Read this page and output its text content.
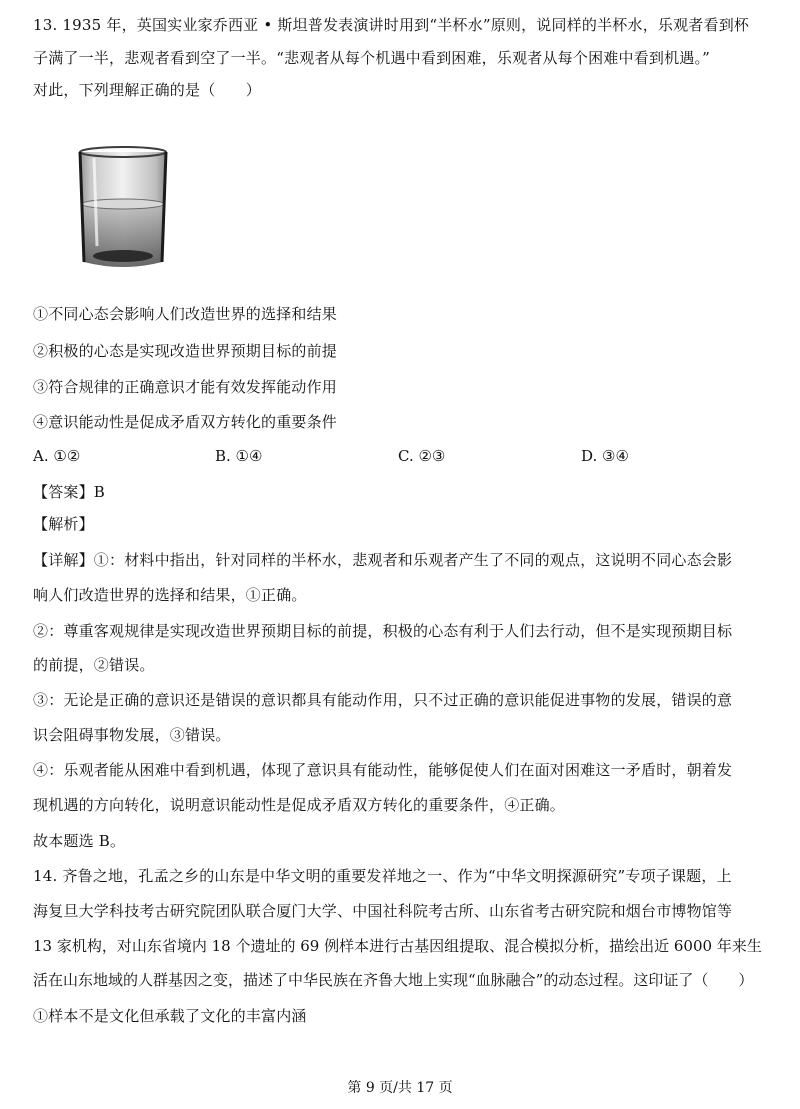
13. 1935 年，英国实业家乔西亚 • 斯坦普发表演讲时用到“半杯水”原则，说同样的半杯水，乐观者看到杯
子满了一半，悲观者看到空了一半。“悲观者从每个机遇中看到困难，乐观者从每个困难中看到机遇。”
对此，下列理解正确的是（　　）
①不同心态会影响人们改造世界的选择和结果
②积极的心态是实现改造世界预期目标的前提
③符合规律的正确意识才能有效发挥能动作用
④意识能动性是促成矛盾双方转化的重要条件
A. ①②	B. ①④	C. ②③	D. ③④
【答案】B
【解析】
【详解】①：材料中指出，针对同样的半杯水，悲观者和乐观者产生了不同的观点，这说明不同心态会影
响人们改造世界的选择和结果，①正确。
②：尊重客观规律是实现改造世界预期目标的前提，积极的心态有利于人们去行动，但不是实现预期目标
的前提，②错误。
③：无论是正确的意识还是错误的意识都具有能动作用，只不过正确的意识能促进事物的发展，错误的意
识会阻碍事物发展，③错误。
④：乐观者能从困难中看到机遇，体现了意识具有能动性，能够促使人们在面对困难这一矛盾时，朝着发
现机遇的方向转化，说明意识能动性是促成矛盾双方转化的重要条件，④正确。
故本题选 B。
14. 齐鲁之地，孔孟之乡的山东是中华文明的重要发祥地之一、作为“中华文明探源研究”专项子课题，上
海复旦大学科技考古研究院团队联合厦门大学、中国社科院考古所、山东省考古研究院和烟台市博物馆等
13 家机构，对山东省境内 18 个遗址的 69 例样本进行古基因组提取、混合模拟分析，描绘出近 6000 年来生
活在山东地域的人群基因之变，描述了中华民族在齐鲁大地上实现“血脉融合”的动态过程。这印证了（　　）
①样本不是文化但承载了文化的丰富内涵
第 9 页/共 17 页
